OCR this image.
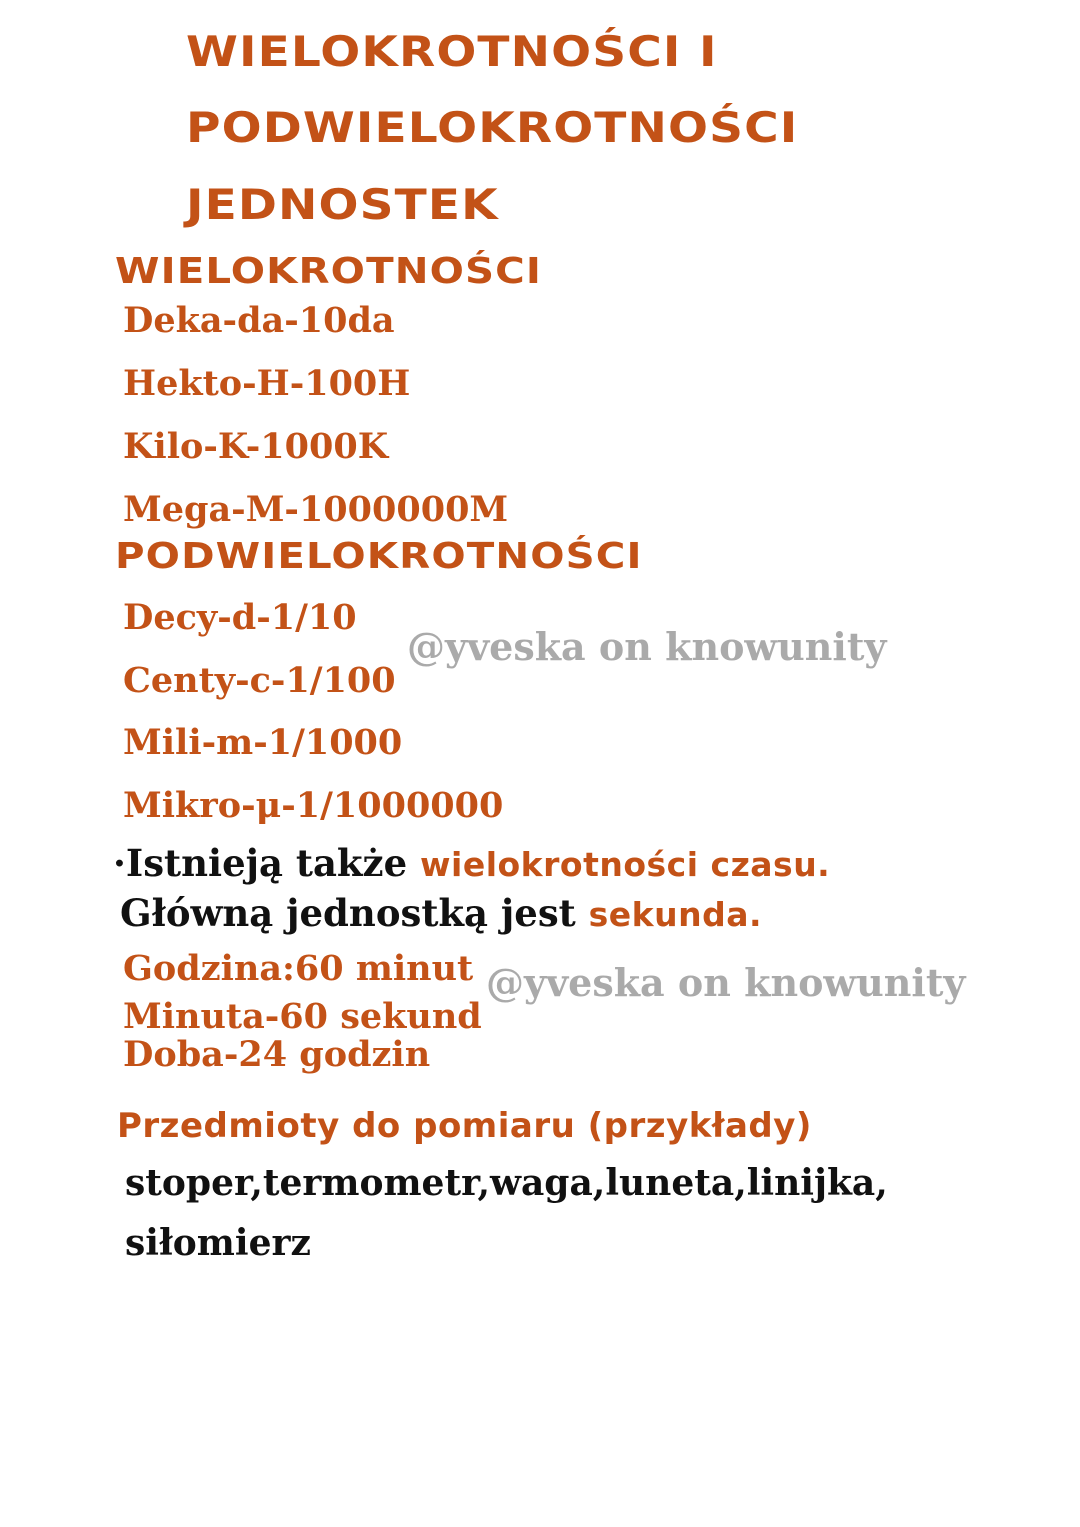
WIELOKROTNOŚCI I
PODWIELOKROTNOŚCI
JEDNOSTEK
WIELOKROTNOŚCI
Deka-da-10da
Hekto-H-100H
Kilo-K-1000K
Mega-M-1000000M
PODWIELOKROTNOŚCI
Decy-d-1/10
Centy-c-1/100
Mili-m-1/1000
Mikro-μ-1/1000000
@yveska on knowunity
·Istnieją także wielokrotności czasu.
Główną jednostką jest sekunda.
Godzina:60 minut
Minuta-60 sekund
Doba-24 godzin
@yveska on knowunity
Przedmioty do pomiaru (przykłady)
stoper,termometr,waga,luneta,linijka,
siłomierz
